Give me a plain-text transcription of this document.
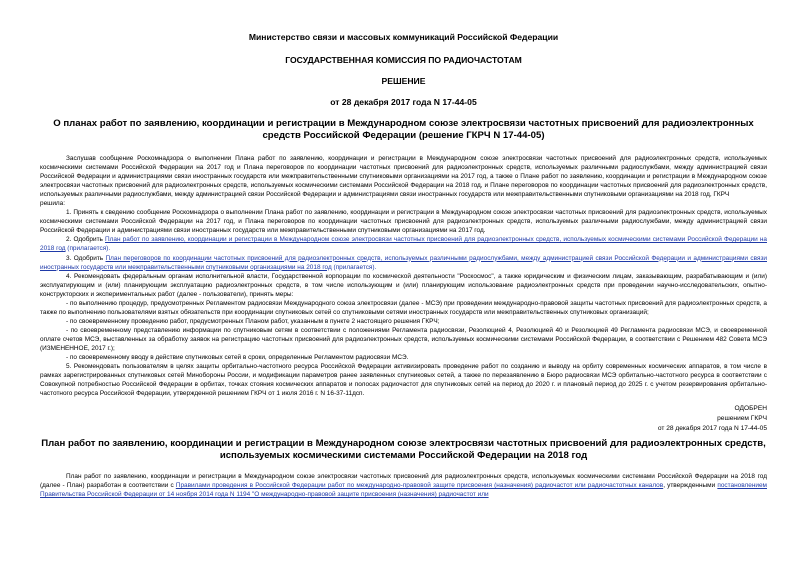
Министерство связи и массовых коммуникаций Российской Федерации

ГОСУДАРСТВЕННАЯ КОМИССИЯ ПО РАДИОЧАСТОТАМ

РЕШЕНИЕ

от 28 декабря 2017 года N 17-44-05

О планах работ по заявлению, координации и регистрации в Международном союзе электросвязи частотных присвоений для радиоэлектронных средств Российской Федерации (решение ГКРЧ N 17-44-05)

Заслушав сообщение Роскомнадзора о выполнении Плана работ по заявлению, координации и регистрации в Международном союзе электросвязи частотных присвоений для радиоэлектронных средств, используемых космическими системами Российской Федерации на 2017 год и Плана переговоров по координации частотных присвоений для радиоэлектронных средств, используемых различными радиослужбами, между администрацией связи Российской Федерации и администрациями связи иностранных государств или межправительственными спутниковыми организациями на 2017 год, а также о Плане работ по заявлению, координации и регистрации в Международном союзе электросвязи частотных присвоений для радиоэлектронных средств, используемых космическими системами Российской Федерации на 2018 год, и Плане переговоров по координации частотных присвоений для радиоэлектронных средств, используемых различными радиослужбами, между администрацией связи Российской Федерации и администрациями связи иностранных государств или межправительственными спутниковыми организациями на 2018 год, ГКРЧ

решила:

1. Принять к сведению сообщение Роскомнадзора о выполнении Плана работ по заявлению, координации и регистрации в Международном союзе электросвязи частотных присвоений для радиоэлектронных средств, используемых космическими системами Российской Федерации на 2017 год, и Плана переговоров по координации частотных присвоений для радиоэлектронных средств, используемых различными радиослужбами, между администрацией связи Российской Федерации и администрациями связи иностранных государств или межправительственными спутниковыми организациями на 2017 год.

2. Одобрить План работ по заявлению, координации и регистрации в Международном союзе электросвязи частотных присвоений для радиоэлектронных средств, используемых космическими системами Российской Федерации на 2018 год (прилагается).

3. Одобрить План переговоров по координации частотных присвоений для радиоэлектронных средств, используемых различными радиослужбами, между администрацией связи Российской Федерации и администрациями связи иностранных государств или межправительственными спутниковыми организациями на 2018 год (прилагается).

4. Рекомендовать федеральным органам исполнительной власти, Государственной корпорации по космической деятельности "Роскосмос", а также юридическим и физическим лицам, заказывающим, разрабатывающим и (или) эксплуатирующим и (или) планирующим эксплуатацию радиоэлектронных средств, в том числе использующим и (или) планирующим использование радиоэлектронных средств при проведении научно-исследовательских, опытно-конструкторских и экспериментальных работ (далее - пользователи), принять меры:

- по выполнению процедур, предусмотренных Регламентом радиосвязи Международного союза электросвязи (далее - МСЭ) при проведении международно-правовой защиты частотных присвоений для радиоэлектронных средств, а также по выполнению пользователями взятых обязательств при координации спутниковых сетей со спутниковыми сетями иностранных государств или межправительственных спутниковых организаций;

- по своевременному проведению работ, предусмотренных Планом работ, указанным в пункте 2 настоящего решения ГКРЧ;

- по своевременному представлению информации по спутниковым сетям в соответствии с положениями Регламента радиосвязи, Резолюцией 4, Резолюцией 40 и Резолюцией 49 Регламента радиосвязи МСЭ, и своевременной оплате счетов МСЭ, выставленных за обработку заявок на регистрацию частотных присвоений для радиоэлектронных средств, используемых космическими системами Российской Федерации, в соответствии с Решением 482 Совета МСЭ (ИЗМЕНЕННОЕ, 2017 г.);

- по своевременному вводу в действие спутниковых сетей в сроки, определенные Регламентом радиосвязи МСЭ.

5. Рекомендовать пользователям в целях защиты орбитально-частотного ресурса Российской Федерации активизировать проведение работ по созданию и выводу на орбиту современных космических аппаратов, в том числе в рамках зарегистрированных спутниковых сетей Минобороны России, и модификации параметров ранее заявленных спутниковых сетей, а также по перезаявлению в Бюро радиосвязи МСЭ орбитально-частотного ресурса в соответствии с Совокупной потребностью Российской Федерации в орбитах, точках стояния космических аппаратов и полосах радиочастот для спутниковых сетей на период до 2020 г. и плановый период до 2025 г. с учетом резервирования орбитально-частотного ресурса Российской Федерации, утвержденной решением ГКРЧ от 1 июля 2016 г. N 16-37-11дсп.

ОДОБРЕН
решением ГКРЧ
от 28 декабря 2017 года N 17-44-05

План работ по заявлению, координации и регистрации в Международном союзе электросвязи частотных присвоений для радиоэлектронных средств, используемых космическими системами Российской Федерации на 2018 год

План работ по заявлению, координации и регистрации в Международном союзе электросвязи частотных присвоений для радиоэлектронных средств, используемых космическими системами Российской Федерации на 2018 год (далее - План) разработан в соответствии с Правилами проведения в Российской Федерации работ по международно-правовой защите присвоения (назначения) радиочастот или радиочастотных каналов, утвержденными постановлением Правительства Российской Федерации от 14 ноября 2014 года N 1194 "О международно-правовой защите присвоения (назначения) радиочастот или
